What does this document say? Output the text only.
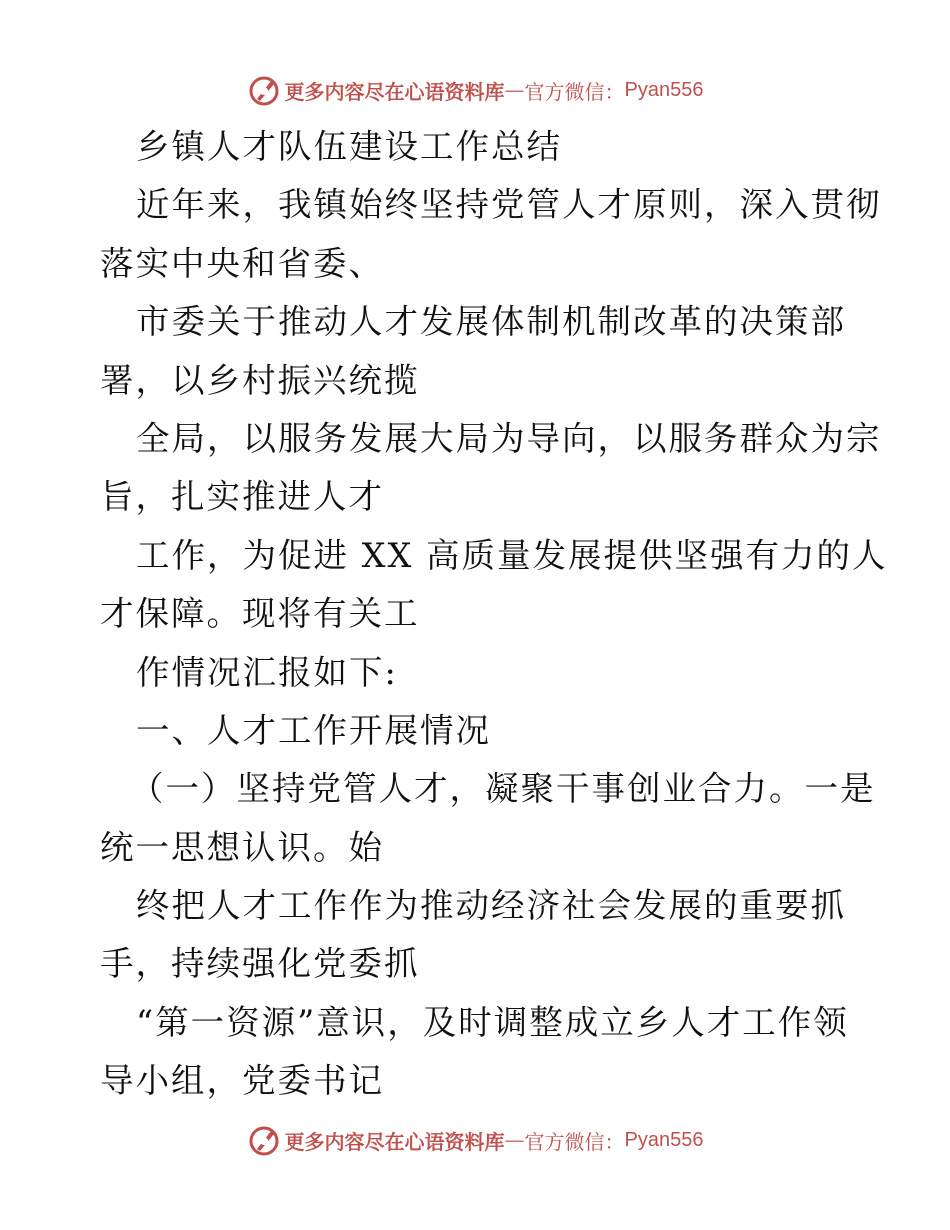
更多内容尽在心语资料库 — 官方微信： Pyan556
乡镇人才队伍建设工作总结
近年来，我镇始终坚持党管人才原则，深入贯彻
落实中央和省委、
市委关于推动人才发展体制机制改革的决策部
署，以乡村振兴统揽
全局，以服务发展大局为导向，以服务群众为宗
旨，扎实推进人才
工作，为促进 XX 高质量发展提供坚强有力的人
才保障。现将有关工
作情况汇报如下:
一、人才工作开展情况
（一）坚持党管人才，凝聚干事创业合力。一是
统一思想认识。始
终把人才工作作为推动经济社会发展的重要抓
手，持续强化党委抓
“第一资源”意识，及时调整成立乡人才工作领
导小组，党委书记
更多内容尽在心语资料库 — 官方微信： Pyan556
